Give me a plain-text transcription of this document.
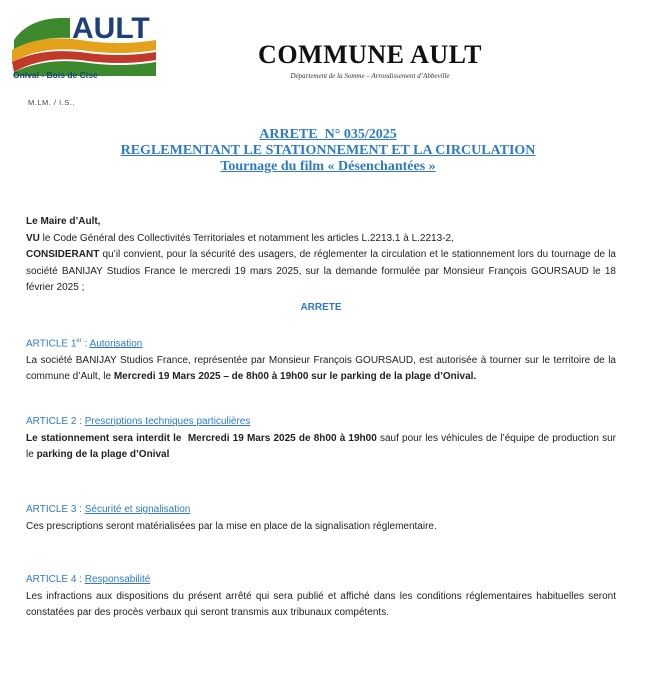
AULT
Onival - Bois de Cise
M.LM. / I.S..
COMMUNE AULT
Département de la Somme – Arrondissement d’Abbeville
ARRETE  N° 035/2025
REGLEMENTANT LE STATIONNEMENT ET LA CIRCULATION
Tournage du film « Désenchantées »

Le Maire d’Ault,

VU le Code Général des Collectivités Territoriales et notamment les articles L.2213.1 à L.2213-2,

CONSIDERANT qu’il convient, pour la sécurité des usagers, de réglementer la circulation et le stationnement lors du tournage de la société BANIJAY Studios France le mercredi 19 mars 2025, sur la demande formulée par Monsieur François GOURSAUD le 18 février 2025 ;

ARRETE

ARTICLE 1er : Autorisation

La société BANIJAY Studios France, représentée par Monsieur François GOURSAUD, est autorisée à tourner sur le territoire de la commune d’Ault, le Mercredi 19 Mars 2025 – de 8h00 à 19h00 sur le parking de la plage d’Onival.

ARTICLE 2 : Prescriptions techniques particulières

Le stationnement sera interdit le  Mercredi 19 Mars 2025 de 8h00 à 19h00 sauf pour les véhicules de l’équipe de production sur le parking de la plage d’Onival

ARTICLE 3 : Sécurité et signalisation

Ces prescriptions seront matérialisées par la mise en place de la signalisation réglementaire.

ARTICLE 4 : Responsabilité

Les infractions aux dispositions du présent arrêté qui sera publié et affiché dans les conditions réglementaires habituelles seront constatées par des procès verbaux qui seront transmis aux tribunaux compétents.
